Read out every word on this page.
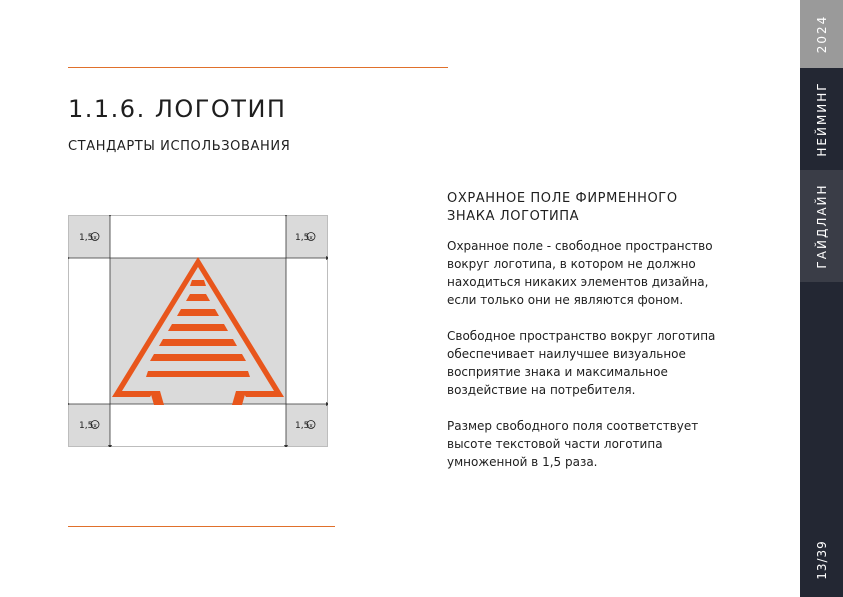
1.1.6. ЛОГОТИП
СТАНДАРТЫ ИСПОЛЬЗОВАНИЯ
ОХРАННОЕ ПОЛЕ ФИРМЕННОГО
ЗНАКА ЛОГОТИПА

Охранное поле - свободное пространство
вокруг логотипа, в котором не должно
находиться никаких элементов дизайна,
если только они не являются фоном.

Свободное пространство вокруг логотипа
обеспечивает наилучшее визуальное
восприятие знака и максимальное
воздействие на потребителя.

Размер свободного поля соответствует
высоте текстовой части логотипа
умноженной в 1,5 раза.

1,5 x	1,5 x
1,5 x	1,5 x
2024
НЕЙМИНГ
ГАЙДЛАЙН
13/39
